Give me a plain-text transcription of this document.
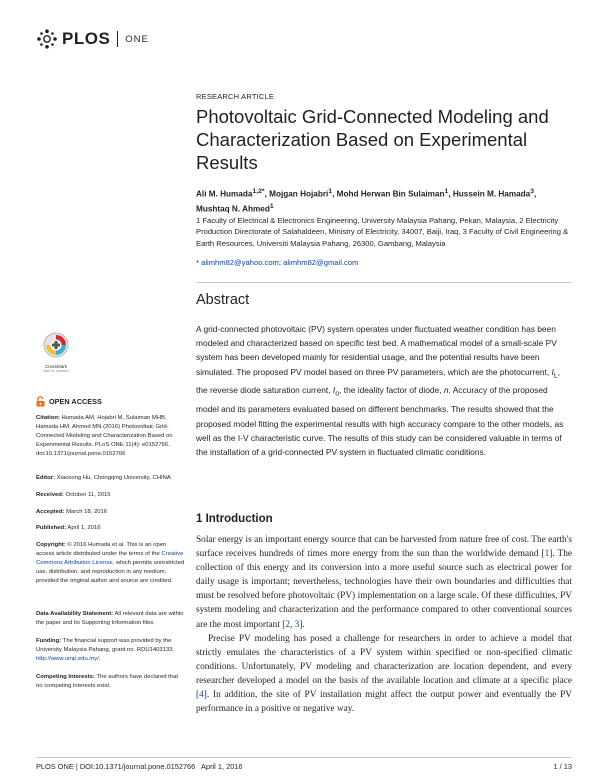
PLOS ONE
RESEARCH ARTICLE
Photovoltaic Grid-Connected Modeling and Characterization Based on Experimental Results
Ali M. Humada$^{1,2*}$, Mojgan Hojabri$^1$, Mohd Herwan Bin Sulaiman$^1$, Hussein M. Hamada$^3$,
Mushtaq N. Ahmed$^1$
1 Faculty of Electrical & Electronics Engineering, University Malaysia Pahang, Pekan, Malaysia, 2 Electricity Production Directorate of Salahaldeen, Ministry of Electricity, 34007, Baiji, Iraq, 3 Faculty of Civil Engineering & Earth Resources, Universiti Malaysia Pahang, 26300, Gambang, Malaysia
* alimhm82@yahoo.com; alimhm82@gmail.com
Abstract
A grid-connected photovoltaic (PV) system operates under fluctuated weather condition has been modeled and characterized based on specific test bed. A mathematical model of a small-scale PV system has been developed mainly for residential usage, and the potential results have been simulated. The proposed PV model based on three PV parameters, which are the photocurrent, $I_L$, the reverse diode saturation current, $I_o$, the ideality factor of diode, n. Accuracy of the proposed model and its parameters evaluated based on different benchmarks. The results showed that the proposed model fitting the experimental results with high accuracy compare to the other models, as well as the I-V characteristic curve. The results of this study can be considered valuable in terms of the installation of a grid-connected PV system in fluctuated climatic conditions.
CrossMark
click for updates
OPEN ACCESS
Citation: Humada AM, Hojabri M, Sulaiman MHB, Hamada HM, Ahmed MN (2016) Photovoltaic Grid-Connected Modeling and Characterization Based on Experimental Results. PLoS ONE 11(4): e0152766. doi:10.1371/journal.pone.0152766
Editor: Xiaosong Hu, Chongqing University, CHINA
Received: October 11, 2015
Accepted: March 18, 2016
Published: April 1, 2016
Copyright: © 2016 Humada et al. This is an open access article distributed under the terms of the Creative Commons Attribution License, which permits unrestricted use, distribution, and reproduction in any medium, provided the original author and source are credited.
Data Availability Statement: All relevant data are within the paper and its Supporting Information files.
Funding: The financial support was provided by the University Malaysia Pahang, grant no. RDU1403133, http://www.ump.edu.my/.
Competing Interests: The authors have declared that no competing interests exist.
1 Introduction

Solar energy is an important energy source that can be harvested from nature free of cost. The earth's surface receives hundreds of times more energy from the sun than the worldwide demand [1]. The collection of this energy and its conversion into a more useful source such as electrical power for daily usage is important; nevertheless, technologies have their own boundaries and difficulties that must be resolved before photovoltaic (PV) implementation on a large scale. Of these difficulties, PV system modeling and characterization and the performance compared to other conventional sources are the most important [2, 3].

Precise PV modeling has posed a challenge for researchers in order to achieve a model that strictly emulates the characteristics of a PV system within specified or non-specified climatic conditions. Unfortunately, PV modeling and characterization are location dependent, and every researcher developed a model on the basis of the available location and climate at a specific place [4]. In addition, the site of PV installation might affect the output power and eventually the PV performance in a positive or negative way.

PLOS ONE | DOI:10.1371/journal.pone.0152766   April 1, 2016	1 / 13
